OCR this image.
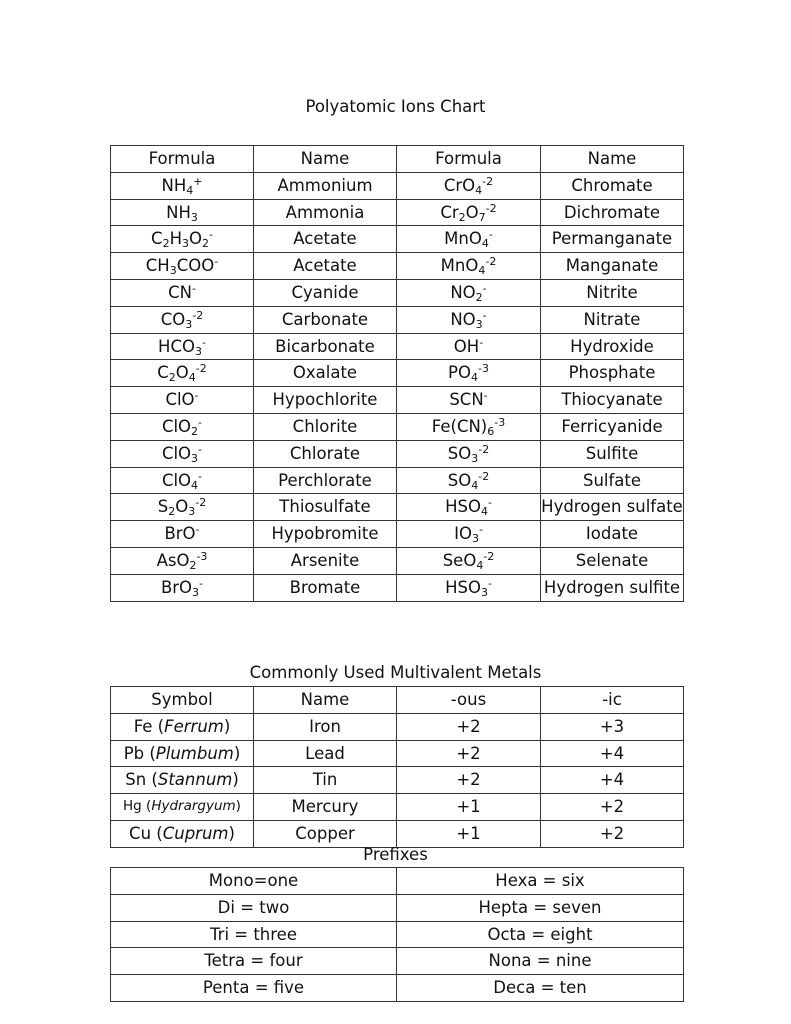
Polyatomic Ions Chart
Formula	Name	Formula	Name
$NH_4^+$	Ammonium	CrO$_4^{-2}$	Chromate
$NH_3$	Ammonia	$Cr_2O_7^{-2}$	Dichromate
$C_2H_3O_2^-$	Acetate	MnO$_4$-	Permanganate
$CH_3COO^-$	Acetate	MnO$_4^{-2}$	Manganate
CN-	Cyanide	$NO_2^-$	Nitrite
$CO_3^{-2}$	Carbonate	$NO_3^-$	Nitrate
$HCO_3^-$	Bicarbonate	OH-	Hydroxide
$C_2O_4^{-2}$	Oxalate	$PO_4^{-3}$	Phosphate
ClO-	Hypochlorite	SCN-	Thiocyanate
ClO$_2$-	Chlorite	$Fe(CN)_6^{-3}$	Ferricyanide
ClO$_3$-	Chlorate	$SO_3^{-2}$	Sulfite
ClO$_4$-	Perchlorate	$SO_4^{-2}$	Sulfate
$S_2O_3^{-2}$	Thiosulfate	$HSO_4^-$	Hydrogen sulfate
BrO-	Hypobromite	$IO_3^-$	Iodate
AsO$_2^{-3}$	Arsenite	SeO$_4^{-2}$	Selenate
BrO$_3$-	Bromate	$HSO_3^-$	Hydrogen sulfite
Commonly Used Multivalent Metals
Symbol	Name	-ous	-ic
Fe (Ferrum)	Iron	+2	+3
Pb (Plumbum)	Lead	+2	+4
Sn (Stannum)	Tin	+2	+4
Hg (Hydrargyum)	Mercury	+1	+2
Cu (Cuprum)	Copper	+1	+2
Prefixes
Mono=one	Hexa = six
Di = two	Hepta = seven
Tri = three	Octa = eight
Tetra = four	Nona = nine
Penta = five	Deca = ten
